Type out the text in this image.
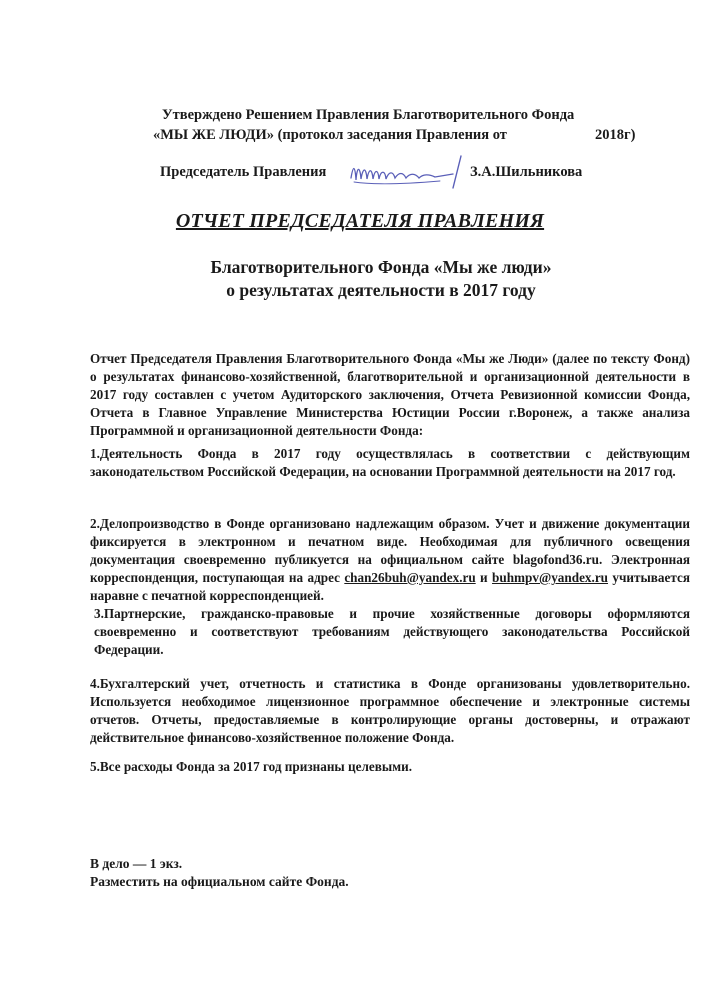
Утверждено Решением Правления Благотворительного Фонда
«МЫ ЖЕ ЛЮДИ» (протокол заседания Правления от	2018г)
Председатель Правления	З.А.Шильникова
ОТЧЕТ ПРЕДСЕДАТЕЛЯ ПРАВЛЕНИЯ
Благотворительного Фонда «Мы же люди»
о результатах деятельности в 2017 году

Отчет Председателя Правления Благотворительного Фонда «Мы же Люди» (далее по тексту Фонд) о результатах финансово-хозяйственной, благотворительной и организационной деятельности в 2017 году составлен с учетом Аудиторского заключения, Отчета Ревизионной комиссии Фонда, Отчета в Главное Управление Министерства Юстиции России г.Воронеж, а также анализа Программной и организационной деятельности Фонда:

1.Деятельность Фонда в 2017 году осуществлялась в соответствии с действующим законодательством Российской Федерации, на основании Программной деятельности на 2017 год.

2.Делопроизводство в Фонде организовано надлежащим образом. Учет и движение документации фиксируется в электронном и печатном виде. Необходимая для публичного освещения документация своевременно публикуется на официальном сайте blagofond36.ru. Электронная корреспонденция, поступающая на адрес chan26buh@yandex.ru и buhmpv@yandex.ru учитывается наравне с печатной корреспонденцией.

3.Партнерские, гражданско-правовые и прочие хозяйственные договоры оформляются своевременно и соответствуют требованиям действующего законодательства Российской Федерации.

4.Бухгалтерский учет, отчетность и статистика в Фонде организованы удовлетворительно. Используется необходимое лицензионное программное обеспечение и электронные системы отчетов. Отчеты, предоставляемые в контролирующие органы достоверны, и отражают действительное финансово-хозяйственное положение Фонда.

5.Все расходы Фонда за 2017 год признаны целевыми.

В дело — 1 экз.
Разместить на официальном сайте Фонда.
